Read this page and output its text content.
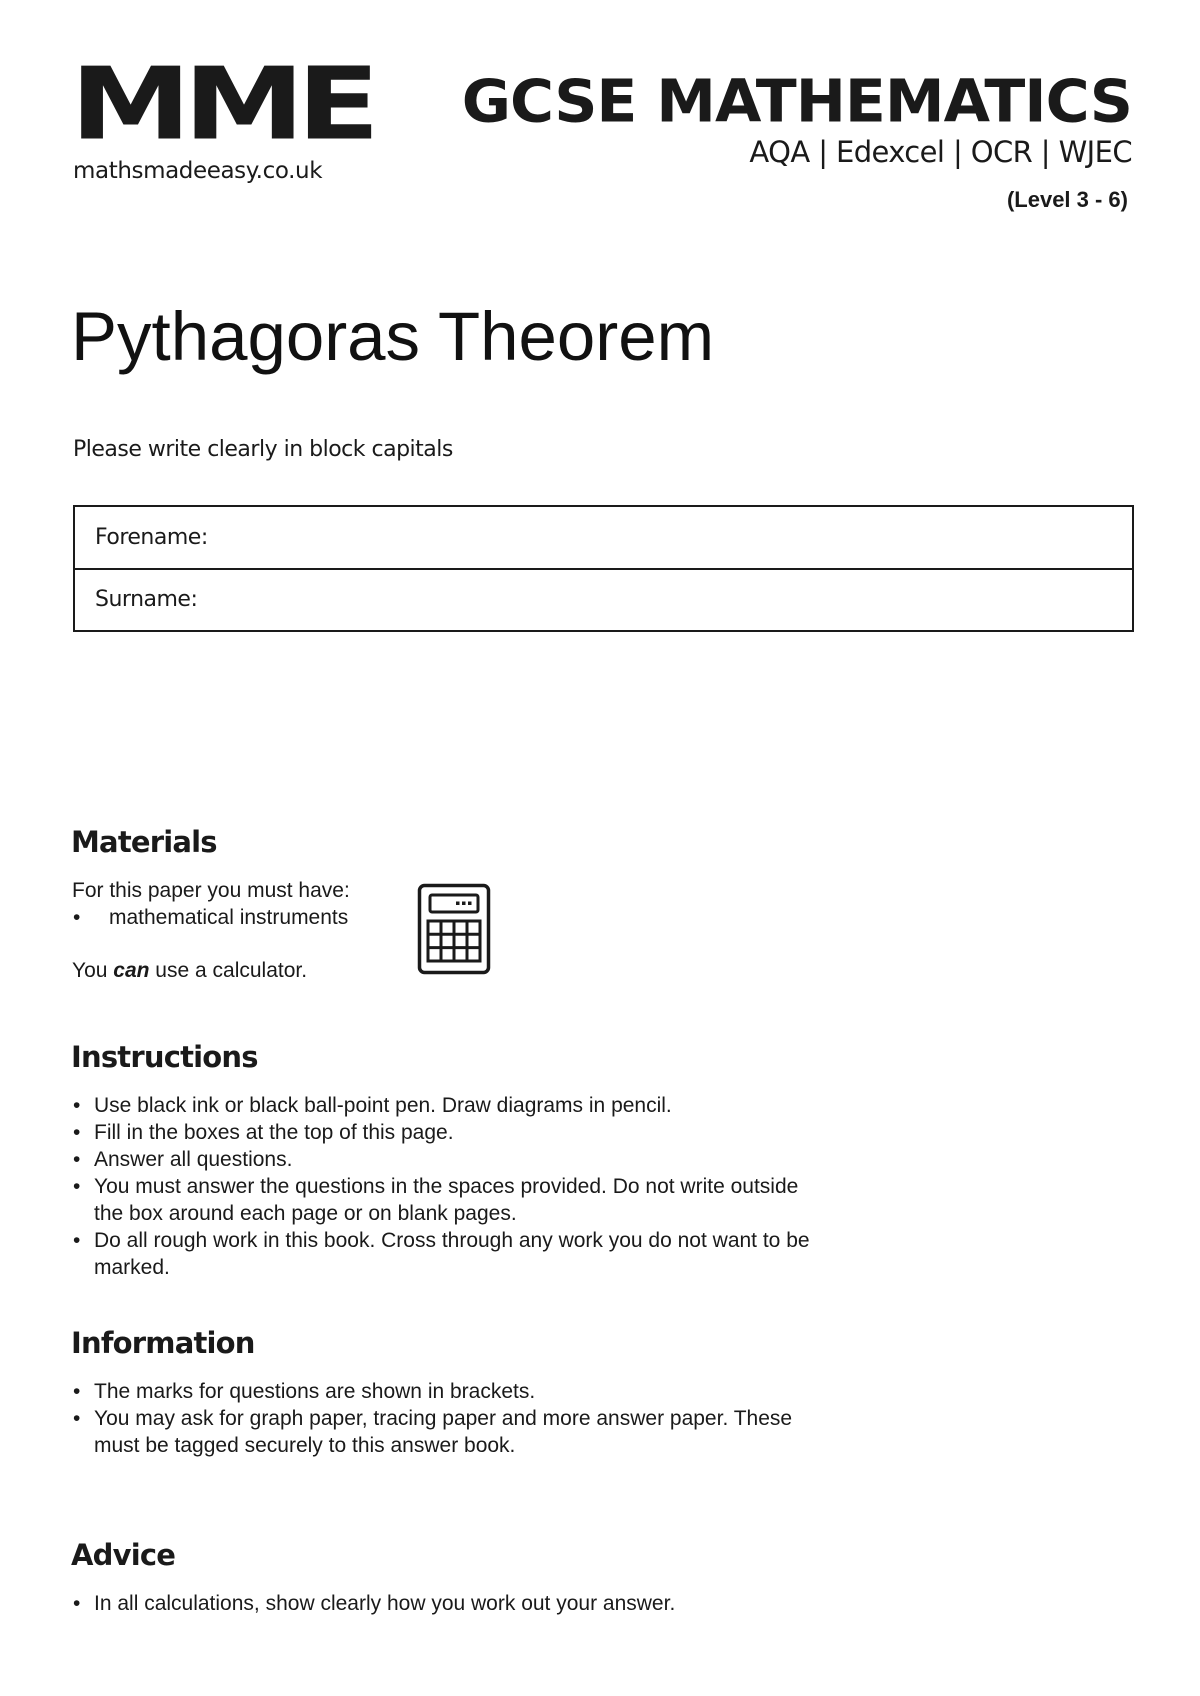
MME
mathsmadeeasy.co.uk
GCSE MATHEMATICS
AQA | Edexcel | OCR | WJEC
(Level 3 - 6)
Pythagoras Theorem
Please write clearly in block capitals
Forename:
Surname:
Materials
For this paper you must have:
• mathematical instruments
You can use a calculator.
Instructions
• Use black ink or black ball-point pen. Draw diagrams in pencil.
• Fill in the boxes at the top of this page.
• Answer all questions.
• You must answer the questions in the spaces provided. Do not write outside the box around each page or on blank pages.
• Do all rough work in this book. Cross through any work you do not want to be marked.
Information
• The marks for questions are shown in brackets.
• You may ask for graph paper, tracing paper and more answer paper. These must be tagged securely to this answer book.
Advice
• In all calculations, show clearly how you work out your answer.
